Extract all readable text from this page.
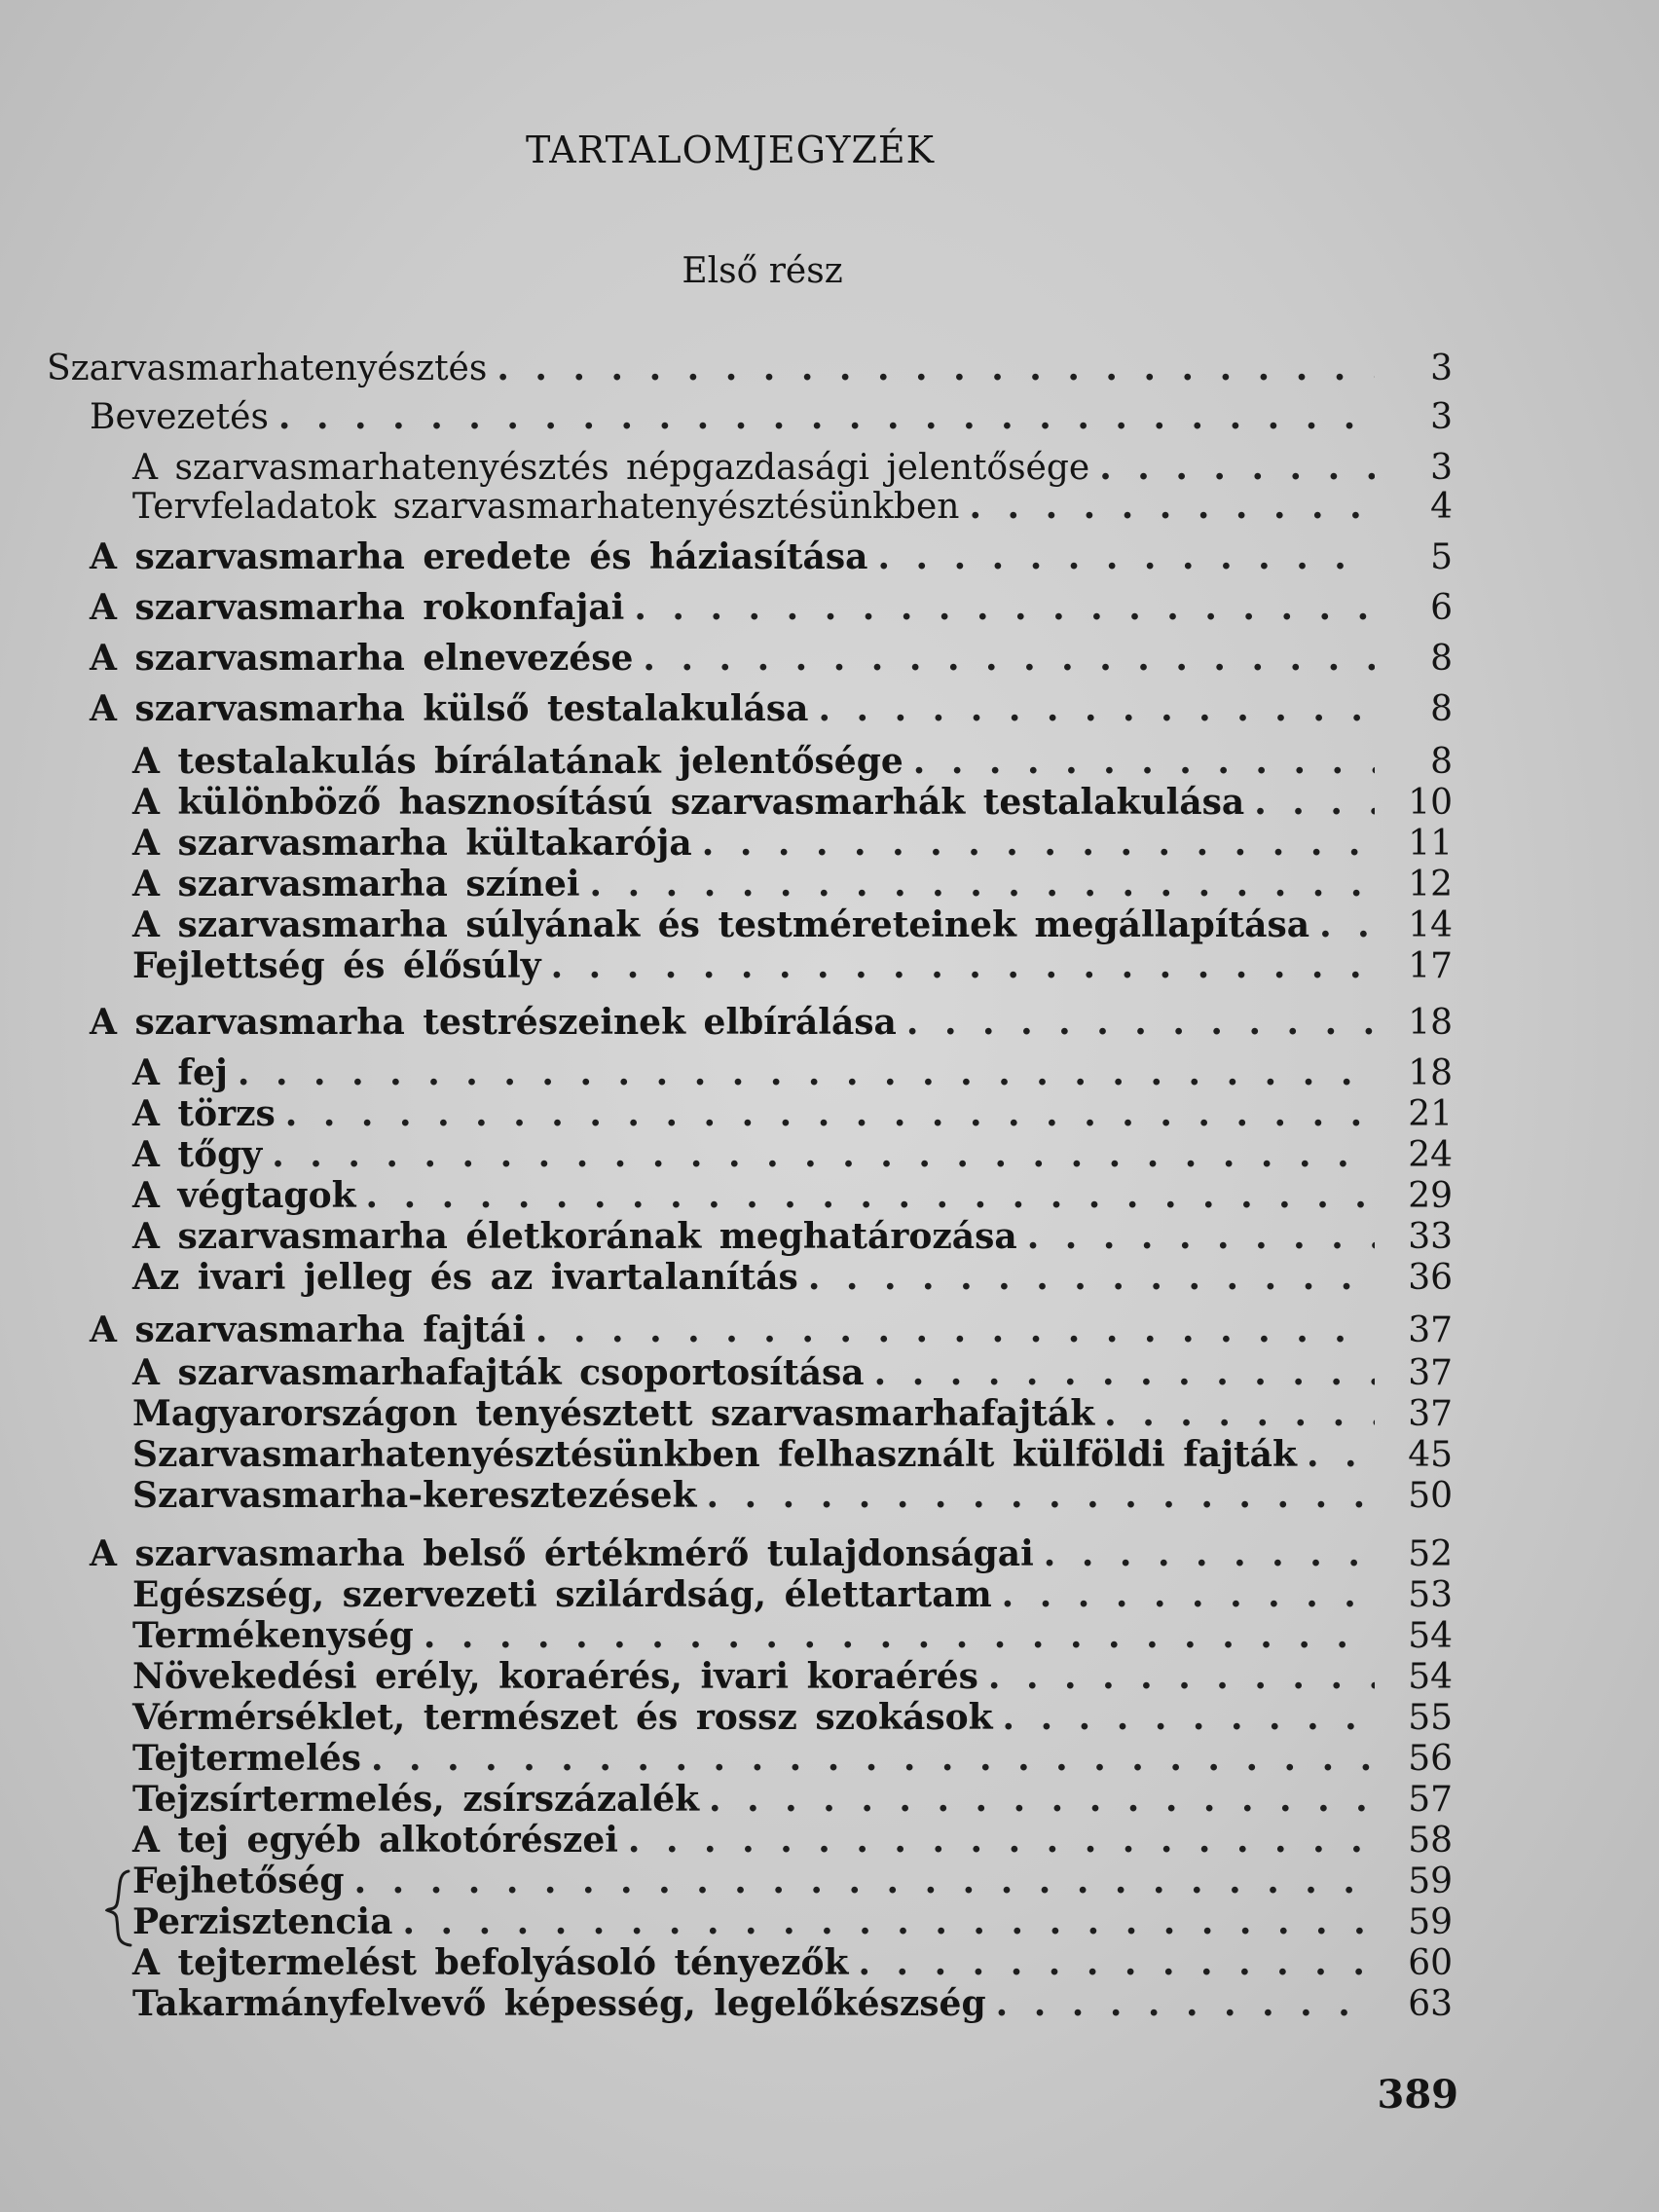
TARTALOMJEGYZÉK
Első rész
Szarvasmarhatenyésztés . . .	3
Bevezetés . . .	3
A szarvasmarhatenyésztés népgazdasági jelentősége . . .	3
Tervfeladatok szarvasmarhatenyésztésünkben . . .	4
A szarvasmarha eredete és háziasítása . . .	5
A szarvasmarha rokonfajai . . .	6
A szarvasmarha elnevezése . . .	8
A szarvasmarha külső testalakulása . . .	8
A testalakulás bírálatának jelentősége . . .	8
A különböző hasznosítású szarvasmarhák testalakulása . . .	10
A szarvasmarha kültakarója . . .	11
A szarvasmarha színei . . .	12
A szarvasmarha súlyának és testméreteinek megállapítása . . .	14
Fejlettség és élősúly . . .	17
A szarvasmarha testrészeinek elbírálása . . .	18
A fej . . .	18
A törzs . . .	21
A tőgy . . .	24
A végtagok . . .	29
A szarvasmarha életkorának meghatározása . . .	33
Az ivari jelleg és az ivartalanítás . . .	36
A szarvasmarha fajtái . . .	37
A szarvasmarhafajták csoportosítása . . .	37
Magyarországon tenyésztett szarvasmarhafajták . . .	37
Szarvasmarhatenyésztésünkben felhasznált külföldi fajták . . .	45
Szarvasmarha-keresztezések . . .	50
A szarvasmarha belső értékmérő tulajdonságai . . .	52
Egészség, szervezeti szilárdság, élettartam . . .	53
Termékenység . . .	54
Növekedési erély, koraérés, ivari koraérés . . .	54
Vérmérséklet, természet és rossz szokások . . .	55
Tejtermelés . . .	56
Tejzsírtermelés, zsírszázalék . . .	57
A tej egyéb alkotórészei . . .	58
Fejhetőség . . .	59
Perzisztencia . . .	59
A tejtermelést befolyásoló tényezők . . .	60
Takarmányfelvevő képesség, legelőkészség . . .	63
389
